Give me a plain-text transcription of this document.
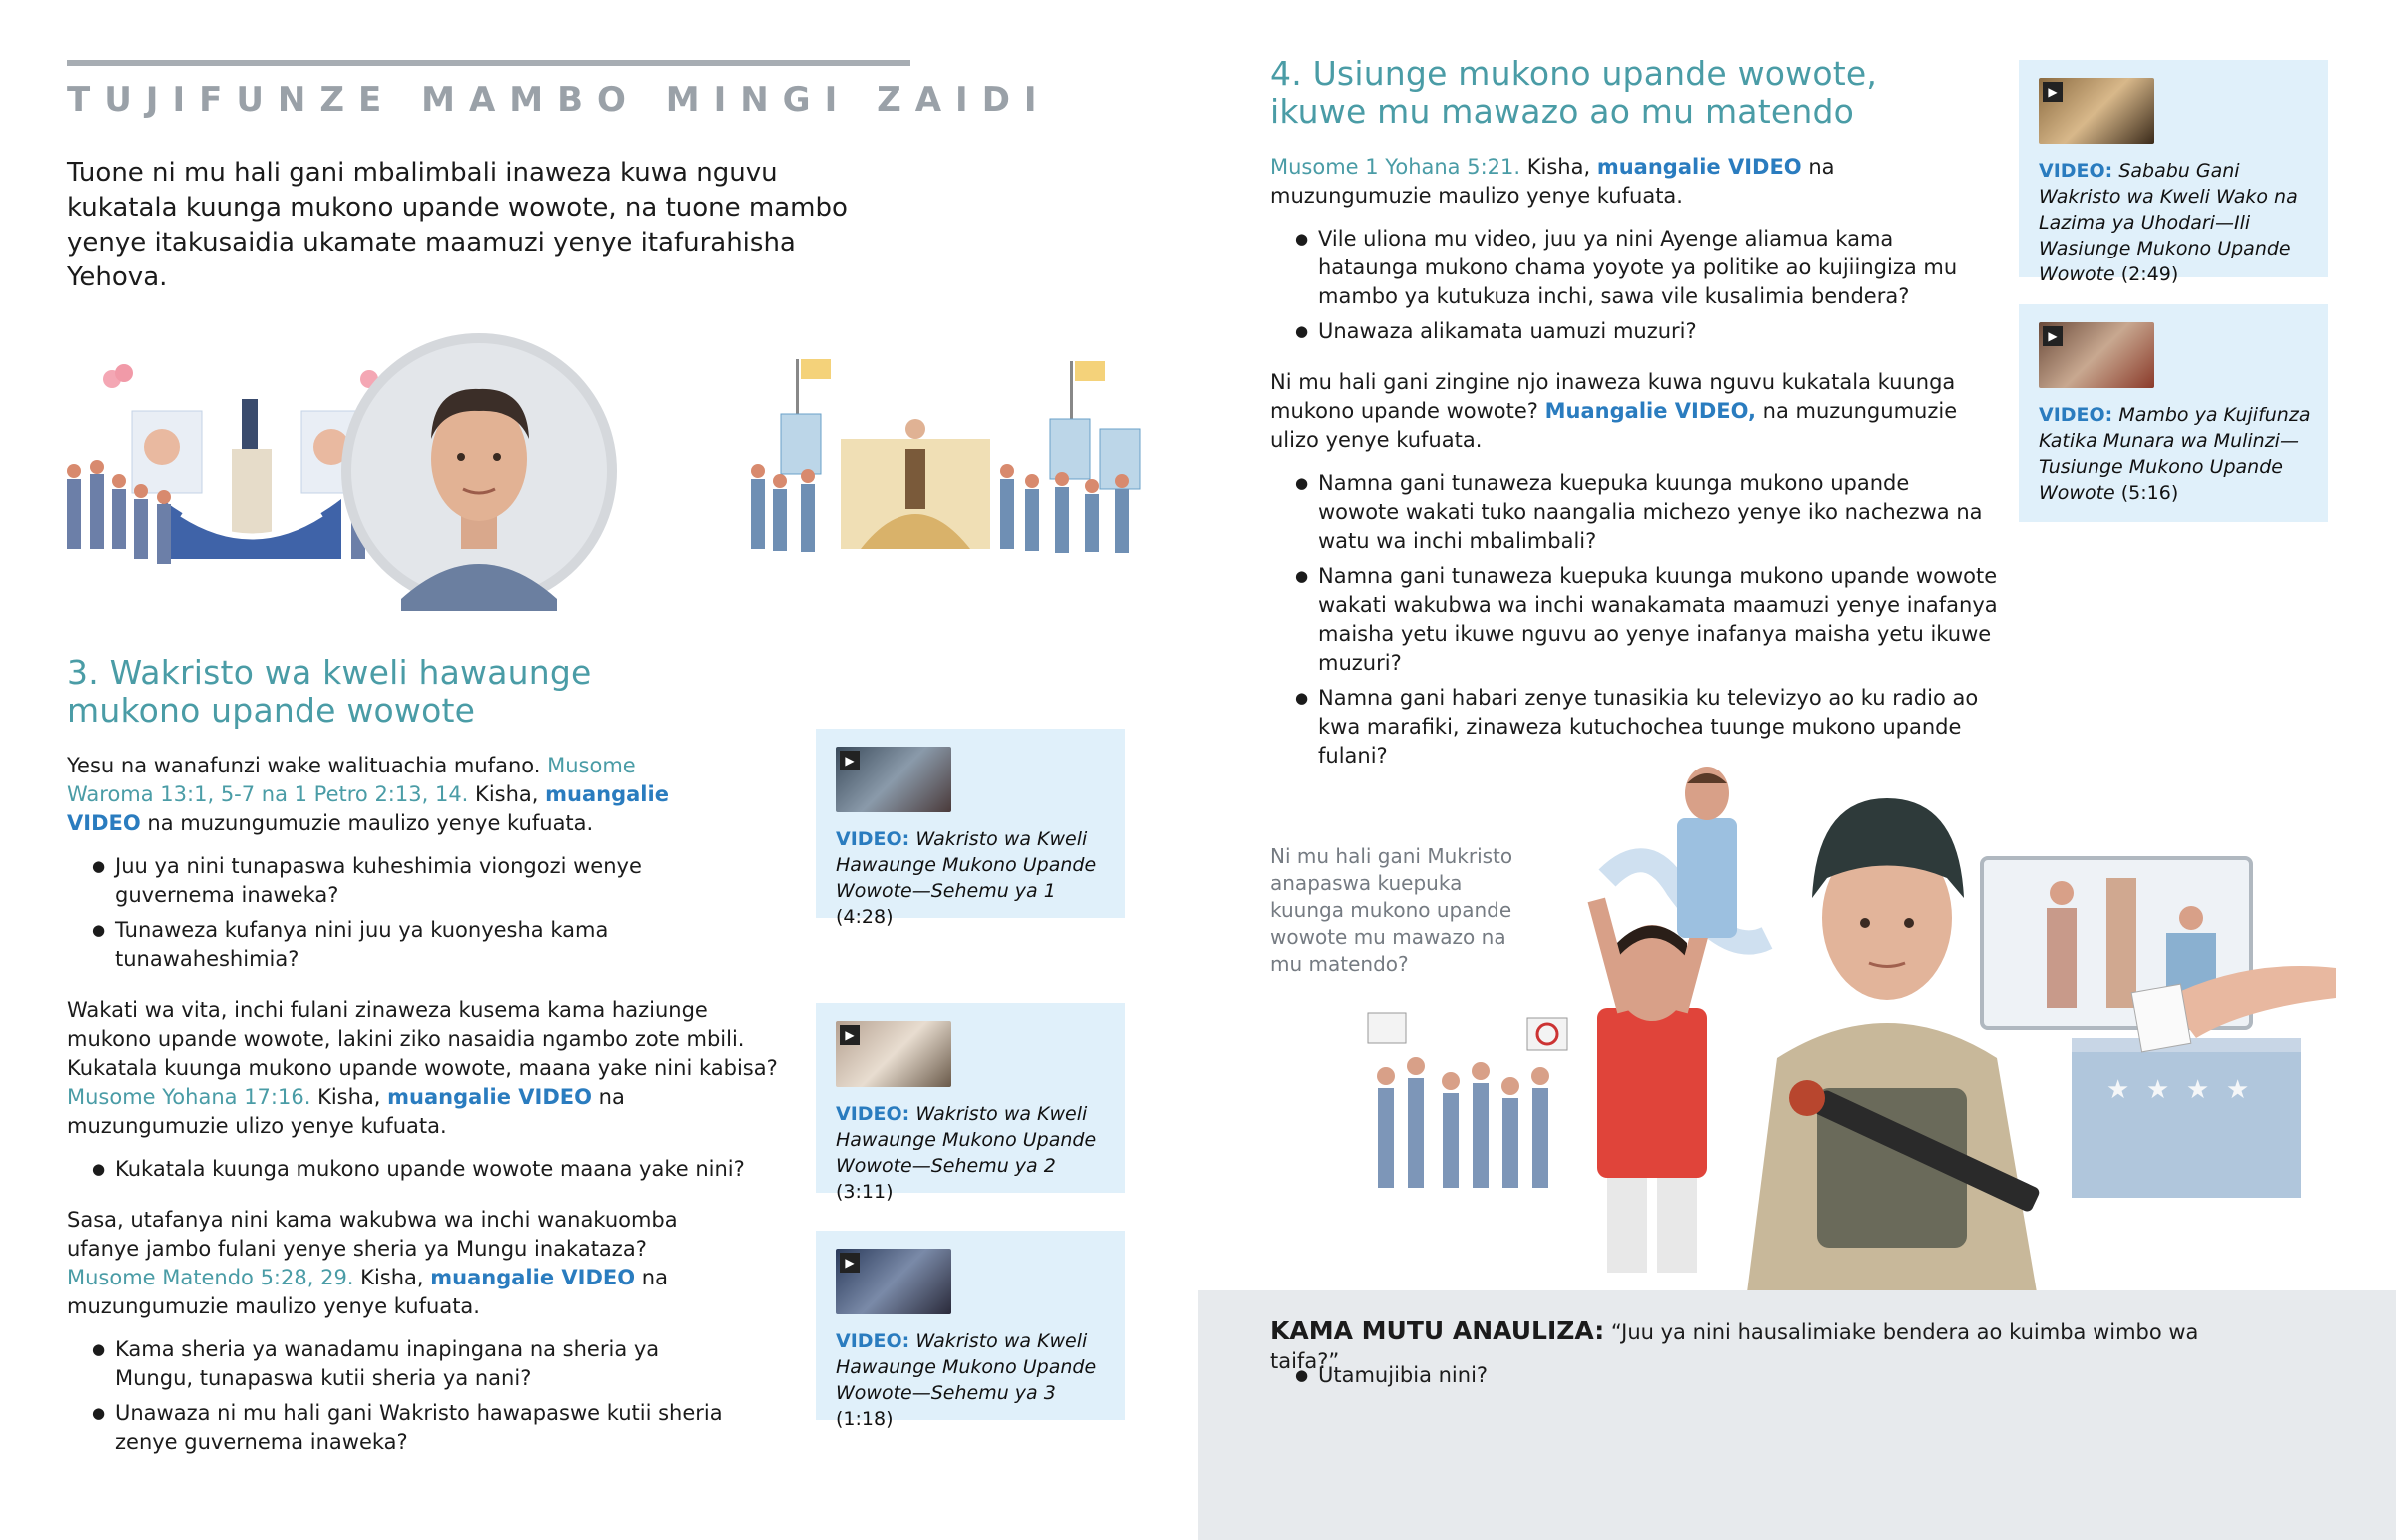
TUJIFUNZE MAMBO MINGI ZAIDI
Tuone ni mu hali gani mbalimbali inaweza kuwa nguvu kukatala kuunga mukono upande wowote, na tuone mambo yenye itakusaidia ukamate maamuzi yenye itafurahisha Yehova.
3. Wakristo wa kweli hawaunge
mukono upande wowote
Yesu na wanafunzi wake walituachia mufano. Musome Waroma 13:1, 5-7 na 1 Petro 2:13, 14. Kisha, muangalie VIDEO na muzungumuzie maulizo yenye kufuata.
● Juu ya nini tunapaswa kuheshimia viongozi wenye guvernema inaweka?
● Tunaweza kufanya nini juu ya kuonyesha kama tunawaheshimia?
Wakati wa vita, inchi fulani zinaweza kusema kama haziunge mukono upande wowote, lakini ziko nasaidia ngambo zote mbili. Kukatala kuunga mukono upande wowote, maana yake nini kabisa? Musome Yohana 17:16. Kisha, muangalie VIDEO na muzungumuzie ulizo yenye kufuata.
● Kukatala kuunga mukono upande wowote maana yake nini?
Sasa, utafanya nini kama wakubwa wa inchi wanakuomba ufanye jambo fulani yenye sheria ya Mungu inakataza? Musome Matendo 5:28, 29. Kisha, muangalie VIDEO na muzungumuzie maulizo yenye kufuata.
● Kama sheria ya wanadamu inapingana na sheria ya Mungu, tunapaswa kutii sheria ya nani?
● Unawaza ni mu hali gani Wakristo hawapaswe kutii sheria zenye guvernema inaweka?
▶
VIDEO: Wakristo wa Kweli Hawaunge Mukono Upande Wowote—Sehemu ya 1 (4:28)
▶
VIDEO: Wakristo wa Kweli Hawaunge Mukono Upande Wowote—Sehemu ya 2 (3:11)
▶
VIDEO: Wakristo wa Kweli Hawaunge Mukono Upande Wowote—Sehemu ya 3 (1:18)
4. Usiunge mukono upande wowote,
ikuwe mu mawazo ao mu matendo
Musome 1 Yohana 5:21. Kisha, muangalie VIDEO na muzungumuzie maulizo yenye kufuata.
● Vile uliona mu video, juu ya nini Ayenge aliamua kama hataunga mukono chama yoyote ya politike ao kujiingiza mu mambo ya kutukuza inchi, sawa vile kusalimia bendera?
● Unawaza alikamata uamuzi muzuri?
Ni mu hali gani zingine njo inaweza kuwa nguvu kukatala kuunga mukono upande wowote? Muangalie VIDEO, na muzungumuzie ulizo yenye kufuata.
● Namna gani tunaweza kuepuka kuunga mukono upande wowote wakati tuko naangalia michezo yenye iko nachezwa na watu wa inchi mbalimbali?
● Namna gani tunaweza kuepuka kuunga mukono upande wowote wakati wakubwa wa inchi wanakamata maamuzi yenye inafanya maisha yetu ikuwe nguvu ao yenye inafanya maisha yetu ikuwe muzuri?
● Namna gani habari zenye tunasikia ku televizyo ao ku radio ao kwa marafiki, zinaweza kutuchochea tuunge mukono upande fulani?
▶
VIDEO: Sababu Gani Wakristo wa Kweli Wako na Lazima ya Uhodari—Ili Wasiunge Mukono Upande Wowote (2:49)
▶
VIDEO: Mambo ya Kujifunza Katika Munara wa Mulinzi—Tusiunge Mukono Upande Wowote (5:16)
★ ★ ★ ★
Ni mu hali gani Mukristo anapaswa kuepuka kuunga mukono upande wowote mu mawazo na mu matendo?
KAMA MUTU ANAULIZA: “Juu ya nini hausalimiake bendera ao kuimba wimbo wa taifa?”
● Utamujibia nini?
